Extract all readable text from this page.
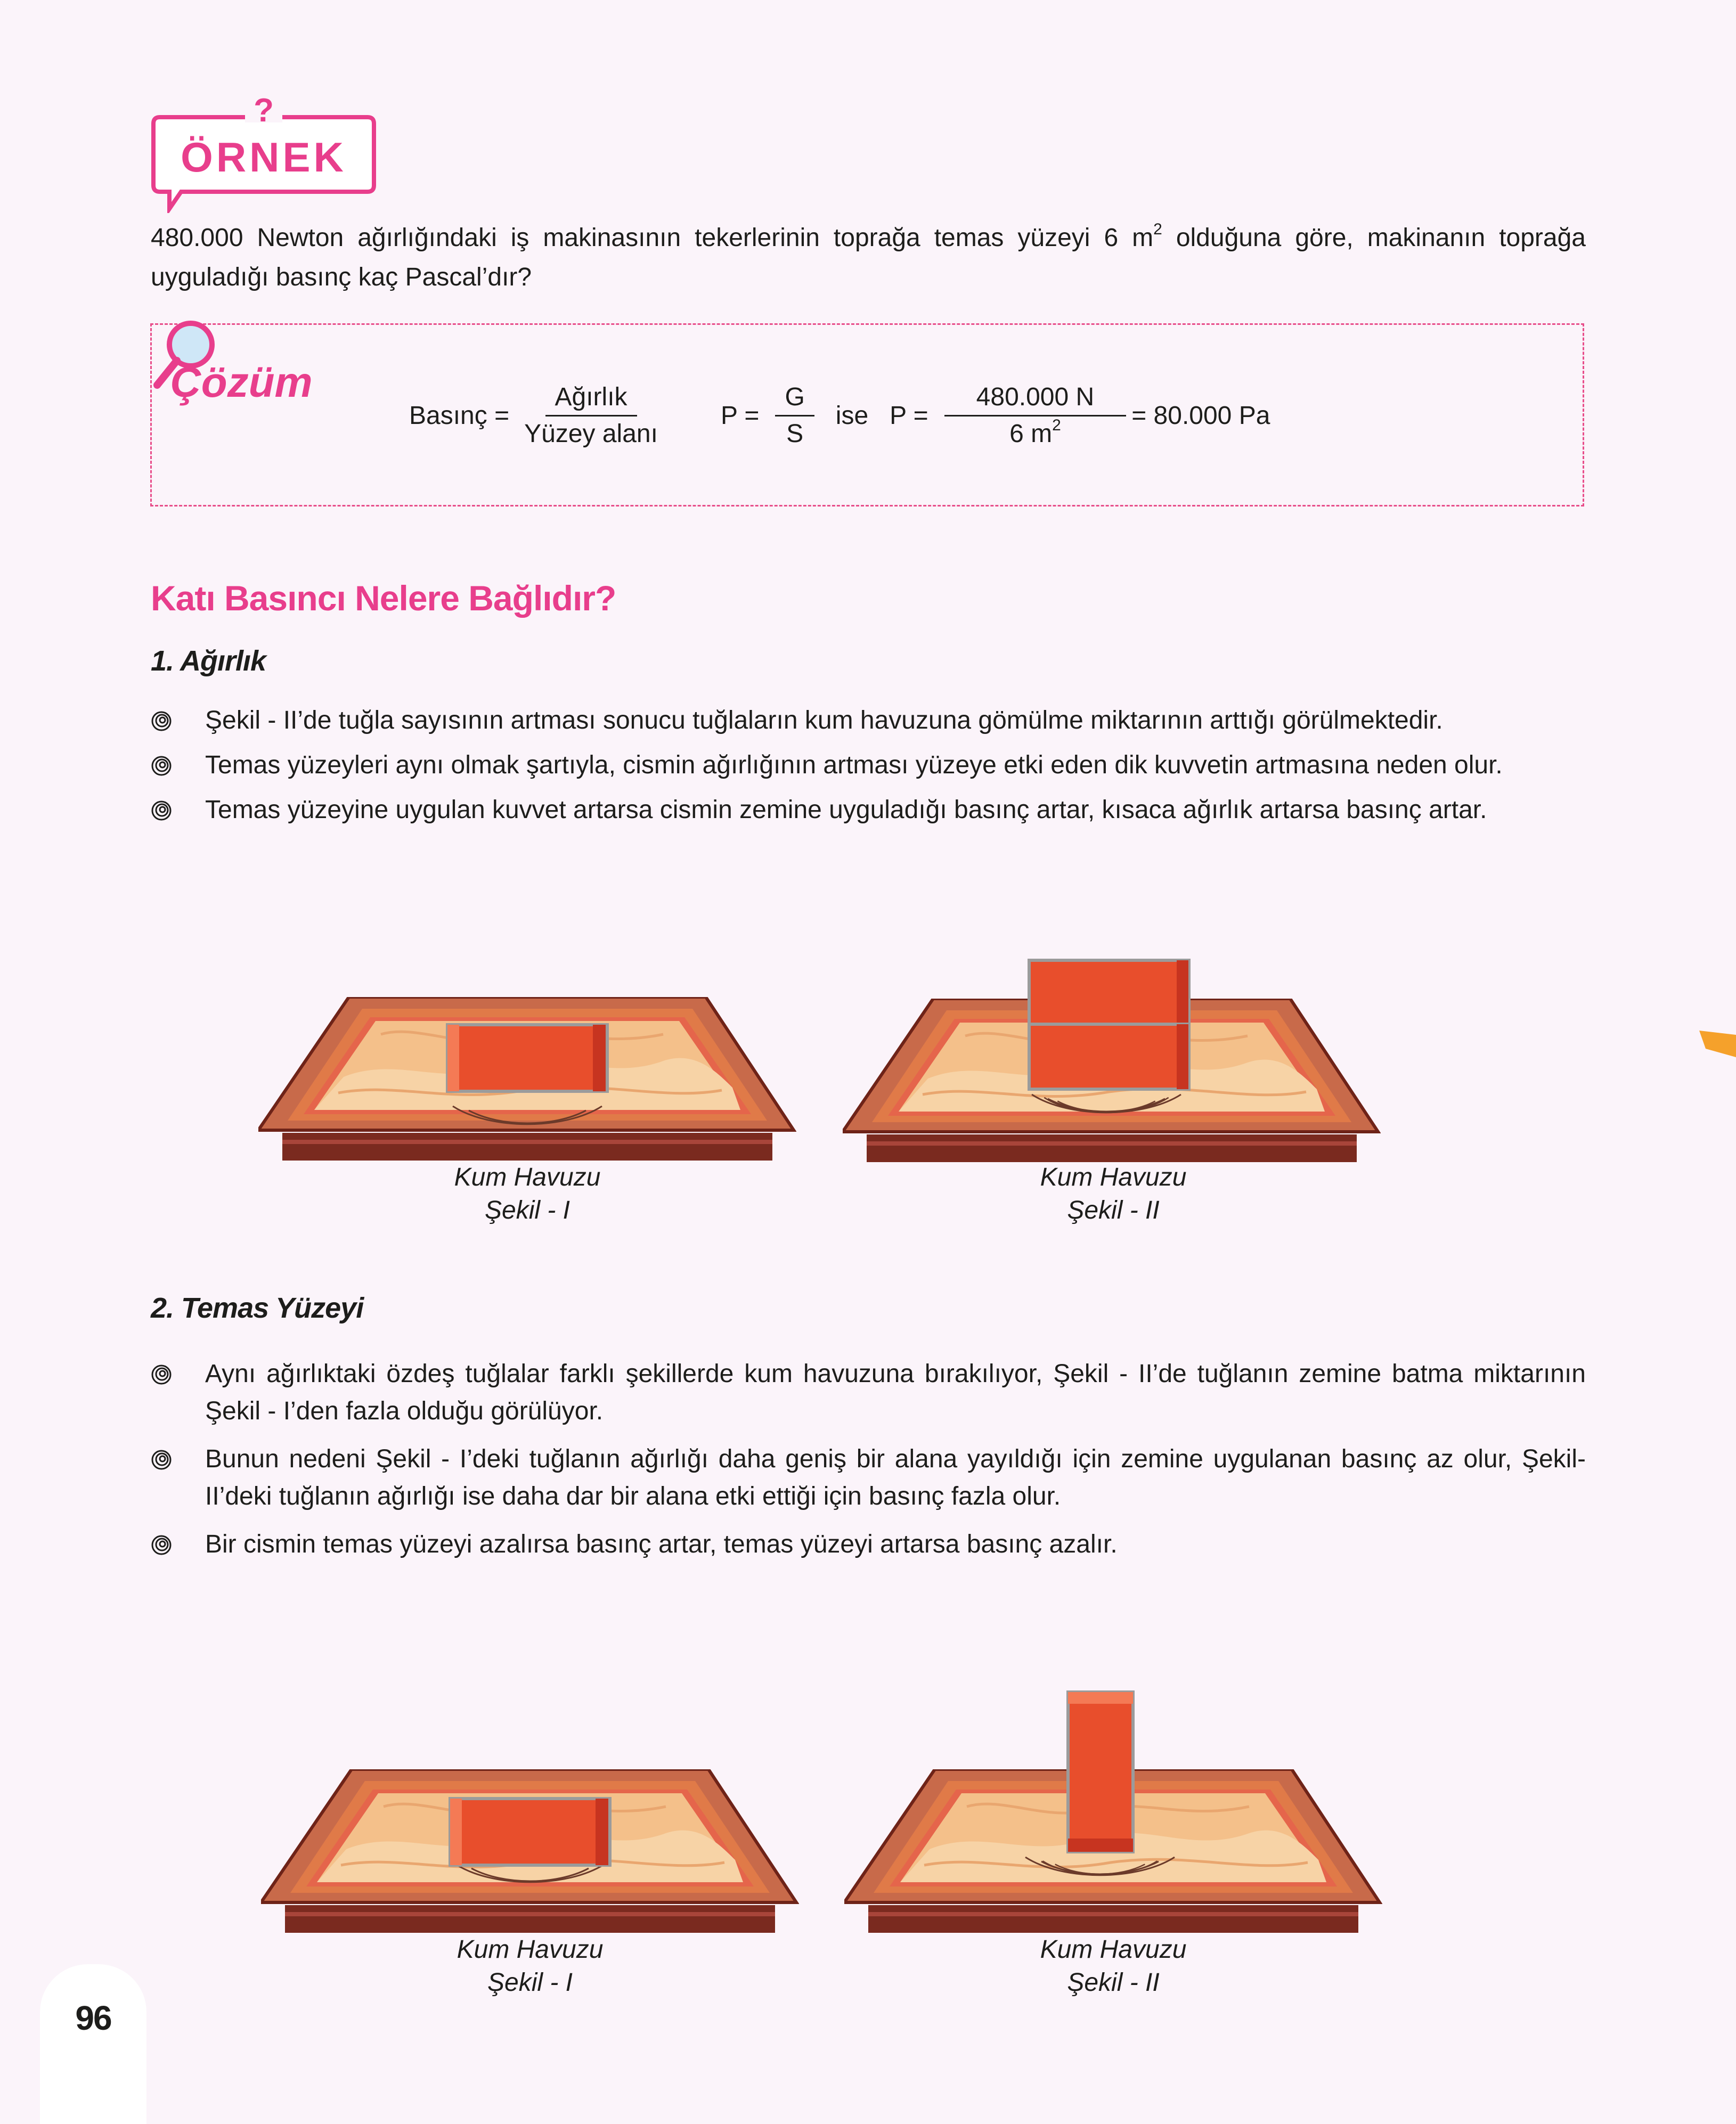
?
ÖRNEK
480.000 Newton ağırlığındaki iş makinasının tekerlerinin toprağa temas yüzeyi 6 $m^2$ olduğuna göre, makinanın toprağa uyguladığı basınç kaç Pascal’dır?
Çözüm
Basınç = $\frac{\text{Ağırlık}}{\text{Yüzey alanı}}$ $P = \frac{G}{S}$ ise $P = \frac{480.000 N}{6 m^2} = 80.000$ Pa
Katı Basıncı Nelere Bağlıdır?
1. Ağırlık
Şekil - II’de tuğla sayısının artması sonucu tuğlaların kum havuzuna gömülme miktarının arttığı görülmektedir.
Temas yüzeyleri aynı olmak şartıyla, cismin ağırlığının artması yüzeye etki eden dik kuvvetin artmasına neden olur.
Temas yüzeyine uygulan kuvvet artarsa cismin zemine uyguladığı basınç artar, kısaca ağırlık artarsa basınç artar.
Kum Havuzu
Şekil - I
Kum Havuzu
Şekil - II
2. Temas Yüzeyi
Aynı ağırlıktaki özdeş tuğlalar farklı şekillerde kum havuzuna bırakılıyor, Şekil - II’de tuğlanın zemine batma miktarının Şekil - I’den fazla olduğu görülüyor.
Bunun nedeni Şekil - I’deki tuğlanın ağırlığı daha geniş bir alana yayıldığı için zemine uygulanan basınç az olur, Şekil-II’deki tuğlanın ağırlığı ise daha dar bir alana etki ettiği için basınç fazla olur.
Bir cismin temas yüzeyi azalırsa basınç artar, temas yüzeyi artarsa basınç azalır.
Kum Havuzu
Şekil - I
Kum Havuzu
Şekil - II
96
